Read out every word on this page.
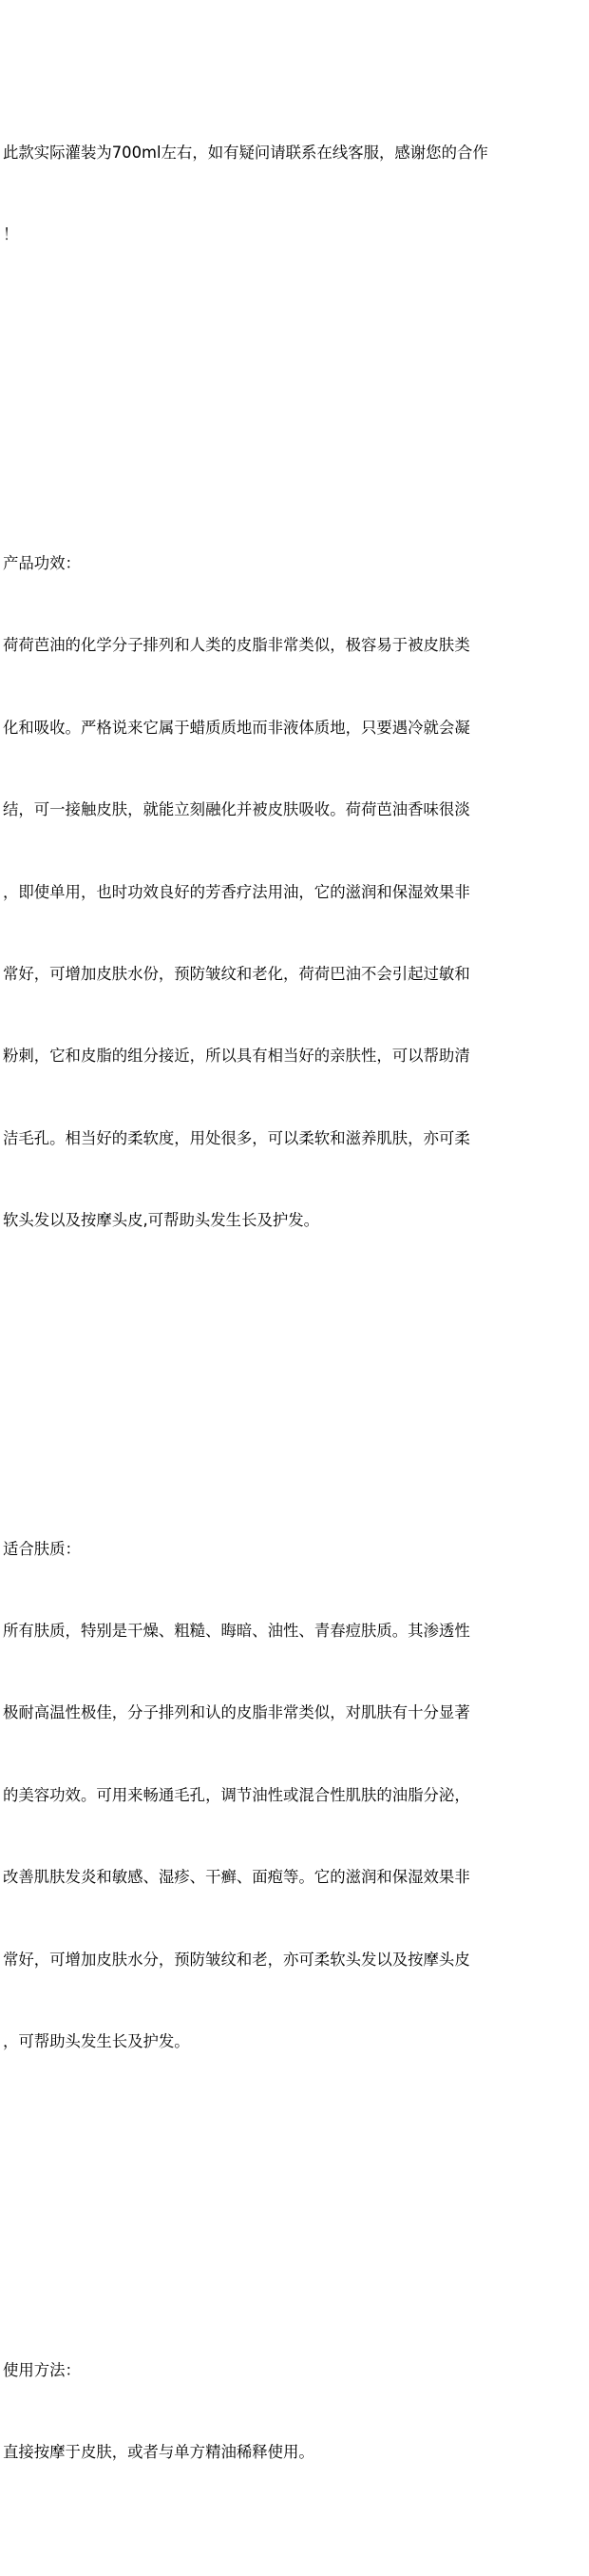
此款实际灌装为700ml左右，如有疑问请联系在线客服，感谢您的合作

！

产品功效：

荷荷芭油的化学分子排列和人类的皮脂非常类似，极容易于被皮肤类

化和吸收。严格说来它属于蜡质质地而非液体质地，只要遇冷就会凝

结，可一接触皮肤，就能立刻融化并被皮肤吸收。荷荷芭油香味很淡

，即使单用，也时功效良好的芳香疗法用油，它的滋润和保湿效果非

常好，可增加皮肤水份，预防皱纹和老化，荷荷巴油不会引起过敏和

粉刺，它和皮脂的组分接近，所以具有相当好的亲肤性，可以帮助清

洁毛孔。相当好的柔软度，用处很多，可以柔软和滋养肌肤，亦可柔

软头发以及按摩头皮,可帮助头发生长及护发。

适合肤质：

所有肤质，特别是干燥、粗糙、晦暗、油性、青春痘肤质。其渗透性

极耐高温性极佳，分子排列和认的皮脂非常类似，对肌肤有十分显著

的美容功效。可用来畅通毛孔，调节油性或混合性肌肤的油脂分泌，

改善肌肤发炎和敏感、湿疹、干癣、面疱等。它的滋润和保湿效果非

常好，可增加皮肤水分，预防皱纹和老，亦可柔软头发以及按摩头皮

，可帮助头发生长及护发。

使用方法：

直接按摩于皮肤，或者与单方精油稀释使用。
